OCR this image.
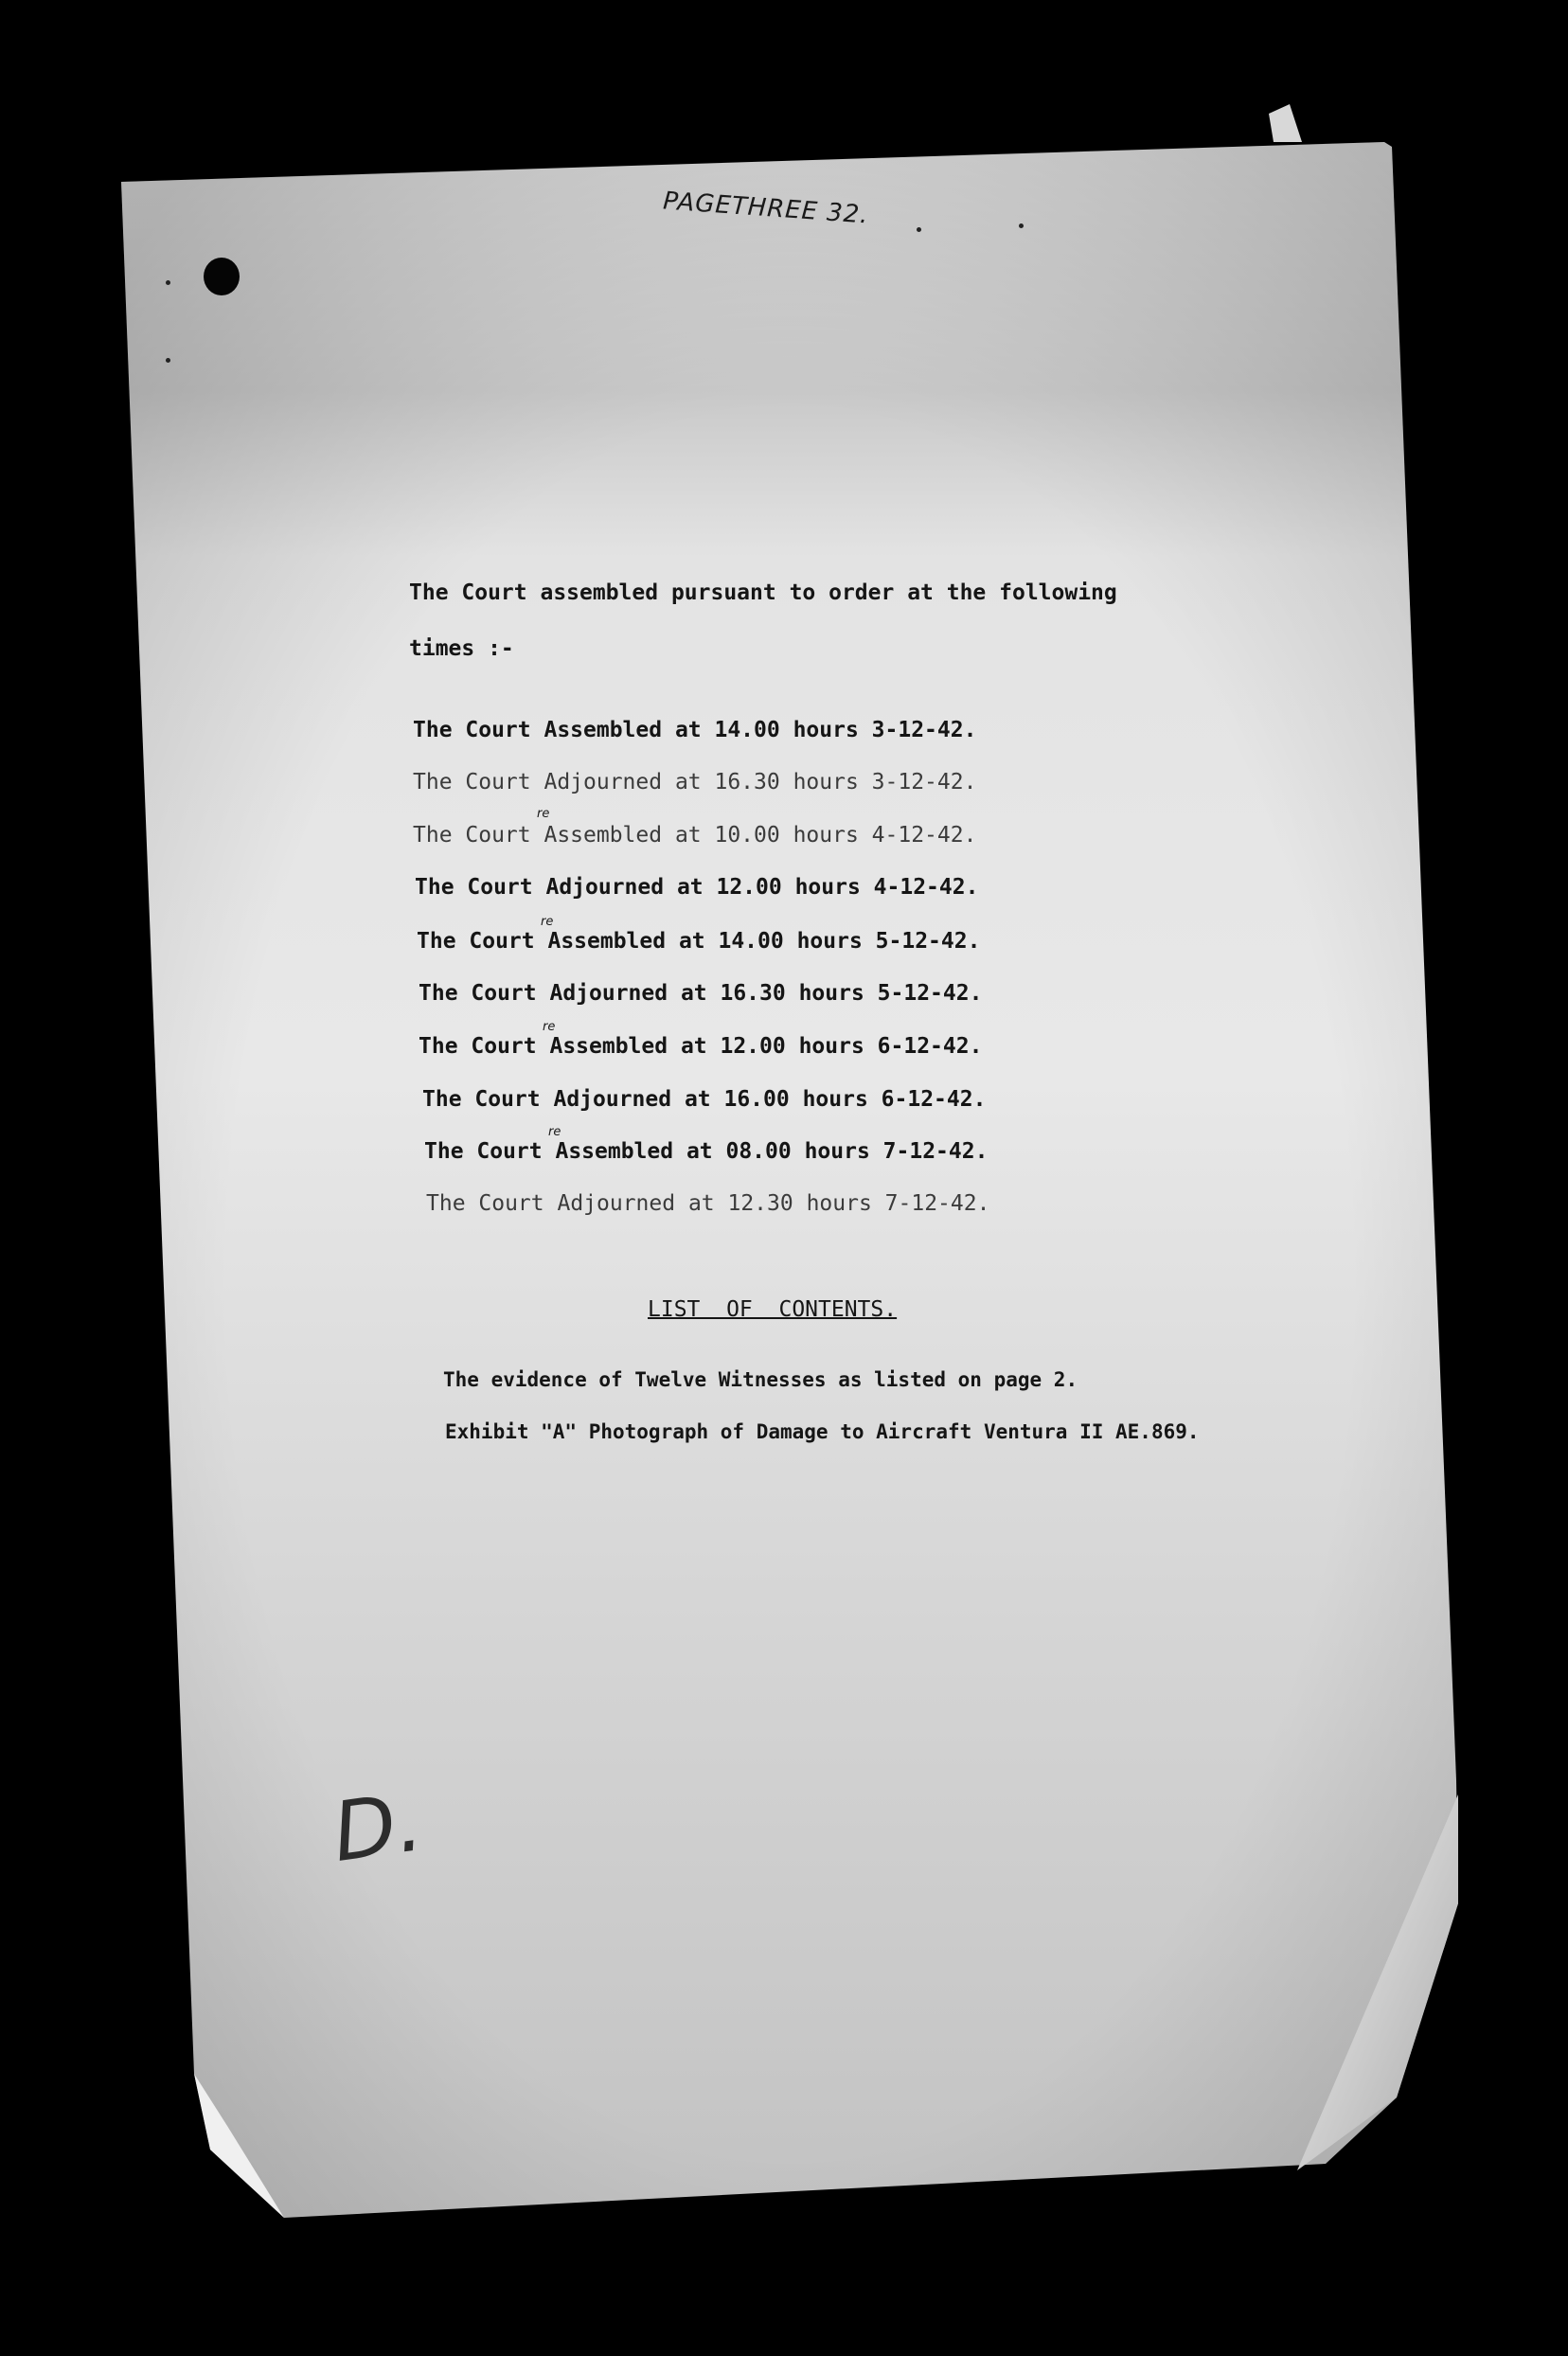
PAGETHREE 32.
The Court assembled pursuant to order at the following
times :-
The Court Assembled at 14.00 hours 3-12-42.
The Court Adjourned at 16.30 hours 3-12-42.
The Court Assembled at 10.00 hours 4-12-42.
The Court Adjourned at 12.00 hours 4-12-42.
The Court Assembled at 14.00 hours 5-12-42.
The Court Adjourned at 16.30 hours 5-12-42.
The Court Assembled at 12.00 hours 6-12-42.
The Court Adjourned at 16.00 hours 6-12-42.
The Court Assembled at 08.00 hours 7-12-42.
The Court Adjourned at 12.30 hours 7-12-42.
re
re
re
re
LIST  OF  CONTENTS.
The evidence of Twelve Witnesses as listed on page 2.
Exhibit "A" Photograph of Damage to Aircraft Ventura II AE.869.
D.
